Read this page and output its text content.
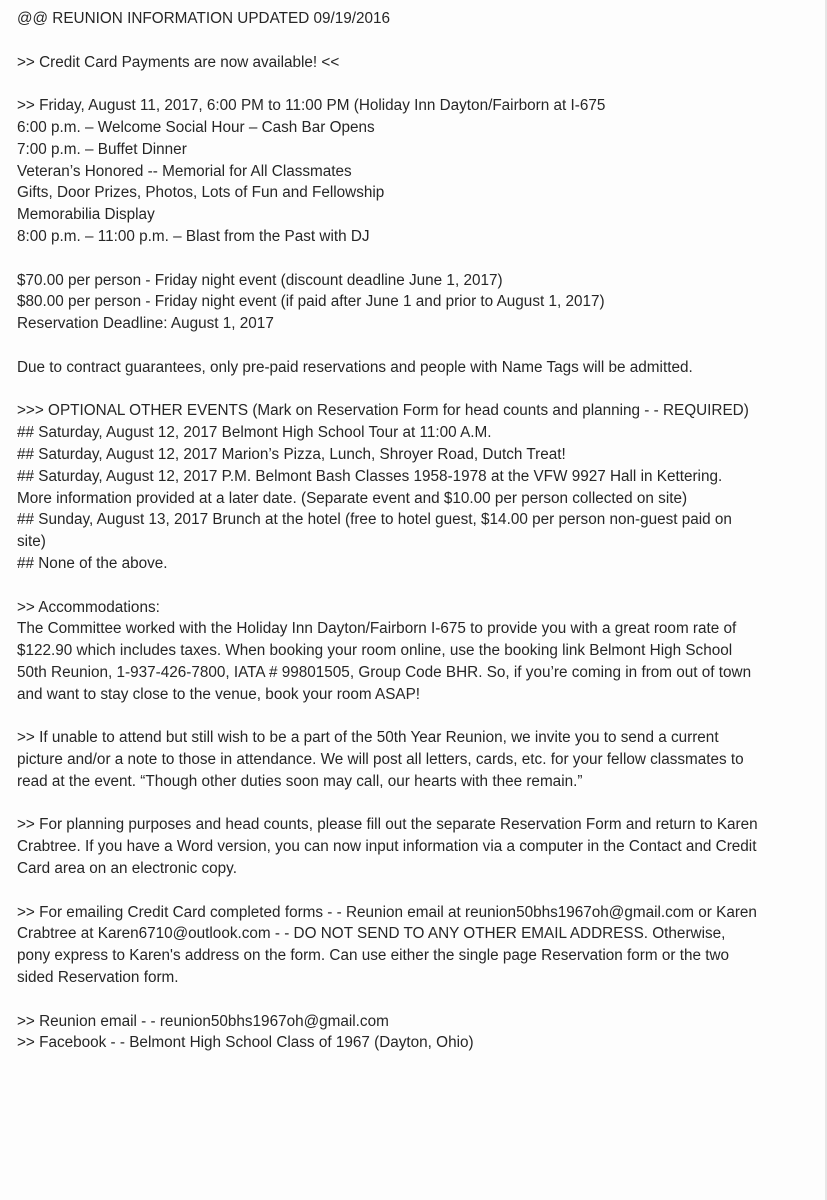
@@ REUNION INFORMATION UPDATED 09/19/2016
>> Credit Card Payments are now available! <<
>> Friday, August 11, 2017, 6:00 PM to 11:00 PM (Holiday Inn Dayton/Fairborn at I-675
6:00 p.m. – Welcome Social Hour – Cash Bar Opens
7:00 p.m. – Buffet Dinner
Veteran’s Honored -- Memorial for All Classmates
Gifts, Door Prizes, Photos, Lots of Fun and Fellowship
Memorabilia Display
8:00 p.m. – 11:00 p.m. – Blast from the Past with DJ
$70.00 per person - Friday night event (discount deadline June 1, 2017)
$80.00 per person - Friday night event (if paid after June 1 and prior to August 1, 2017)
Reservation Deadline: August 1, 2017
Due to contract guarantees, only pre-paid reservations and people with Name Tags will be admitted.
>>> OPTIONAL OTHER EVENTS (Mark on Reservation Form for head counts and planning - - REQUIRED)
## Saturday, August 12, 2017 Belmont High School Tour at 11:00 A.M.
## Saturday, August 12, 2017 Marion’s Pizza, Lunch, Shroyer Road, Dutch Treat!
## Saturday, August 12, 2017 P.M. Belmont Bash Classes 1958-1978 at the VFW 9927 Hall in Kettering.
More information provided at a later date. (Separate event and $10.00 per person collected on site)
## Sunday, August 13, 2017 Brunch at the hotel (free to hotel guest, $14.00 per person non-guest paid on
site)
## None of the above.
>> Accommodations:
The Committee worked with the Holiday Inn Dayton/Fairborn I-675 to provide you with a great room rate of
$122.90 which includes taxes. When booking your room online, use the booking link Belmont High School
50th Reunion, 1-937-426-7800, IATA # 99801505, Group Code BHR. So, if you’re coming in from out of town
and want to stay close to the venue, book your room ASAP!
>> If unable to attend but still wish to be a part of the 50th Year Reunion, we invite you to send a current
picture and/or a note to those in attendance. We will post all letters, cards, etc. for your fellow classmates to
read at the event. “Though other duties soon may call, our hearts with thee remain.”
>> For planning purposes and head counts, please fill out the separate Reservation Form and return to Karen
Crabtree. If you have a Word version, you can now input information via a computer in the Contact and Credit
Card area on an electronic copy.
>> For emailing Credit Card completed forms - - Reunion email at reunion50bhs1967oh@gmail.com or Karen
Crabtree at Karen6710@outlook.com - - DO NOT SEND TO ANY OTHER EMAIL ADDRESS. Otherwise,
pony express to Karen's address on the form. Can use either the single page Reservation form or the two
sided Reservation form.
>> Reunion email - - reunion50bhs1967oh@gmail.com
>> Facebook - - Belmont High School Class of 1967 (Dayton, Ohio)
